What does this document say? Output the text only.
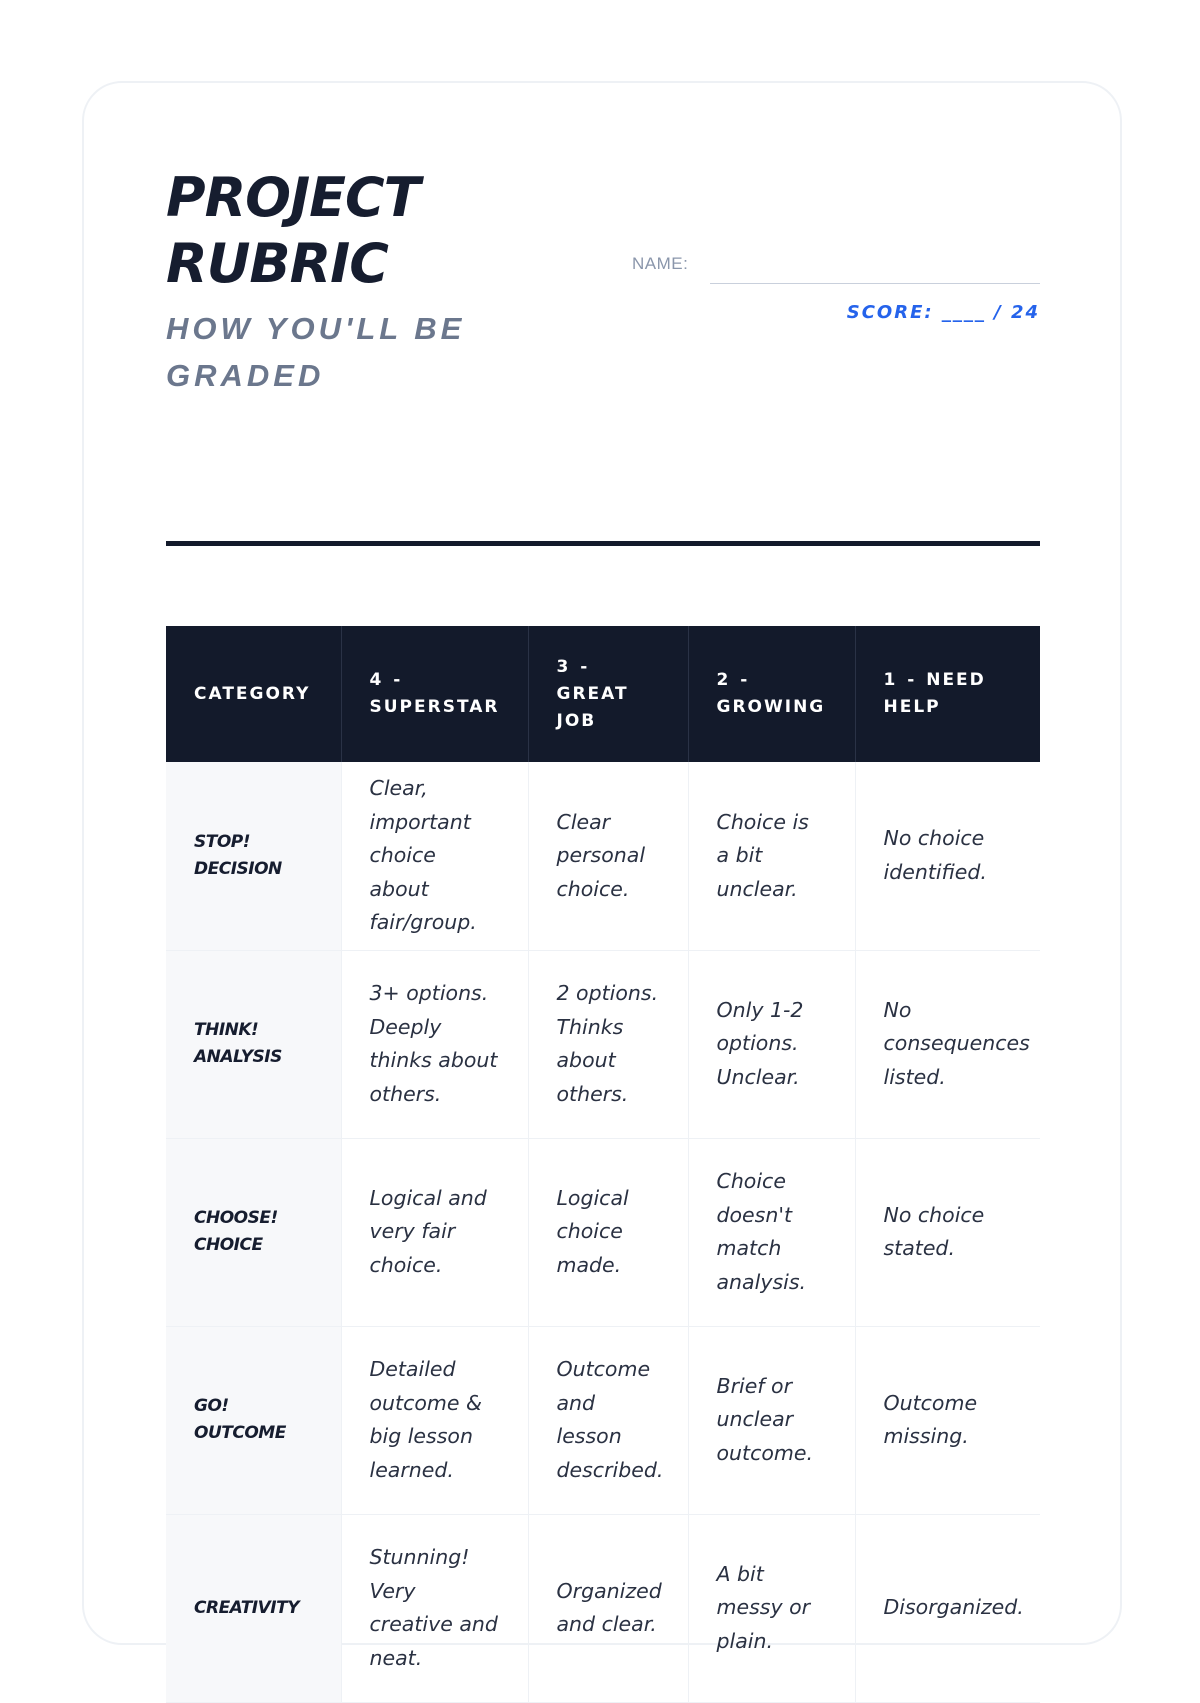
PROJECT RUBRIC
HOW YOU'LL BE GRADED
NAME:
SCORE: ____ / 24
CATEGORY	4 - SUPERSTAR	3 - GREAT JOB	2 - GROWING	1 - NEED HELP
STOP! DECISION	Clear, important choice about fair/group.	Clear personal choice.	Choice is a bit unclear.	No choice identified.
THINK! ANALYSIS	3+ options. Deeply thinks about others.	2 options. Thinks about others.	Only 1-2 options. Unclear.	No consequences listed.
CHOOSE! CHOICE	Logical and very fair choice.	Logical choice made.	Choice doesn't match analysis.	No choice stated.
GO! OUTCOME	Detailed outcome & big lesson learned.	Outcome and lesson described.	Brief or unclear outcome.	Outcome missing.
CREATIVITY	Stunning! Very creative and neat.	Organized and clear.	A bit messy or plain.	Disorganized.
